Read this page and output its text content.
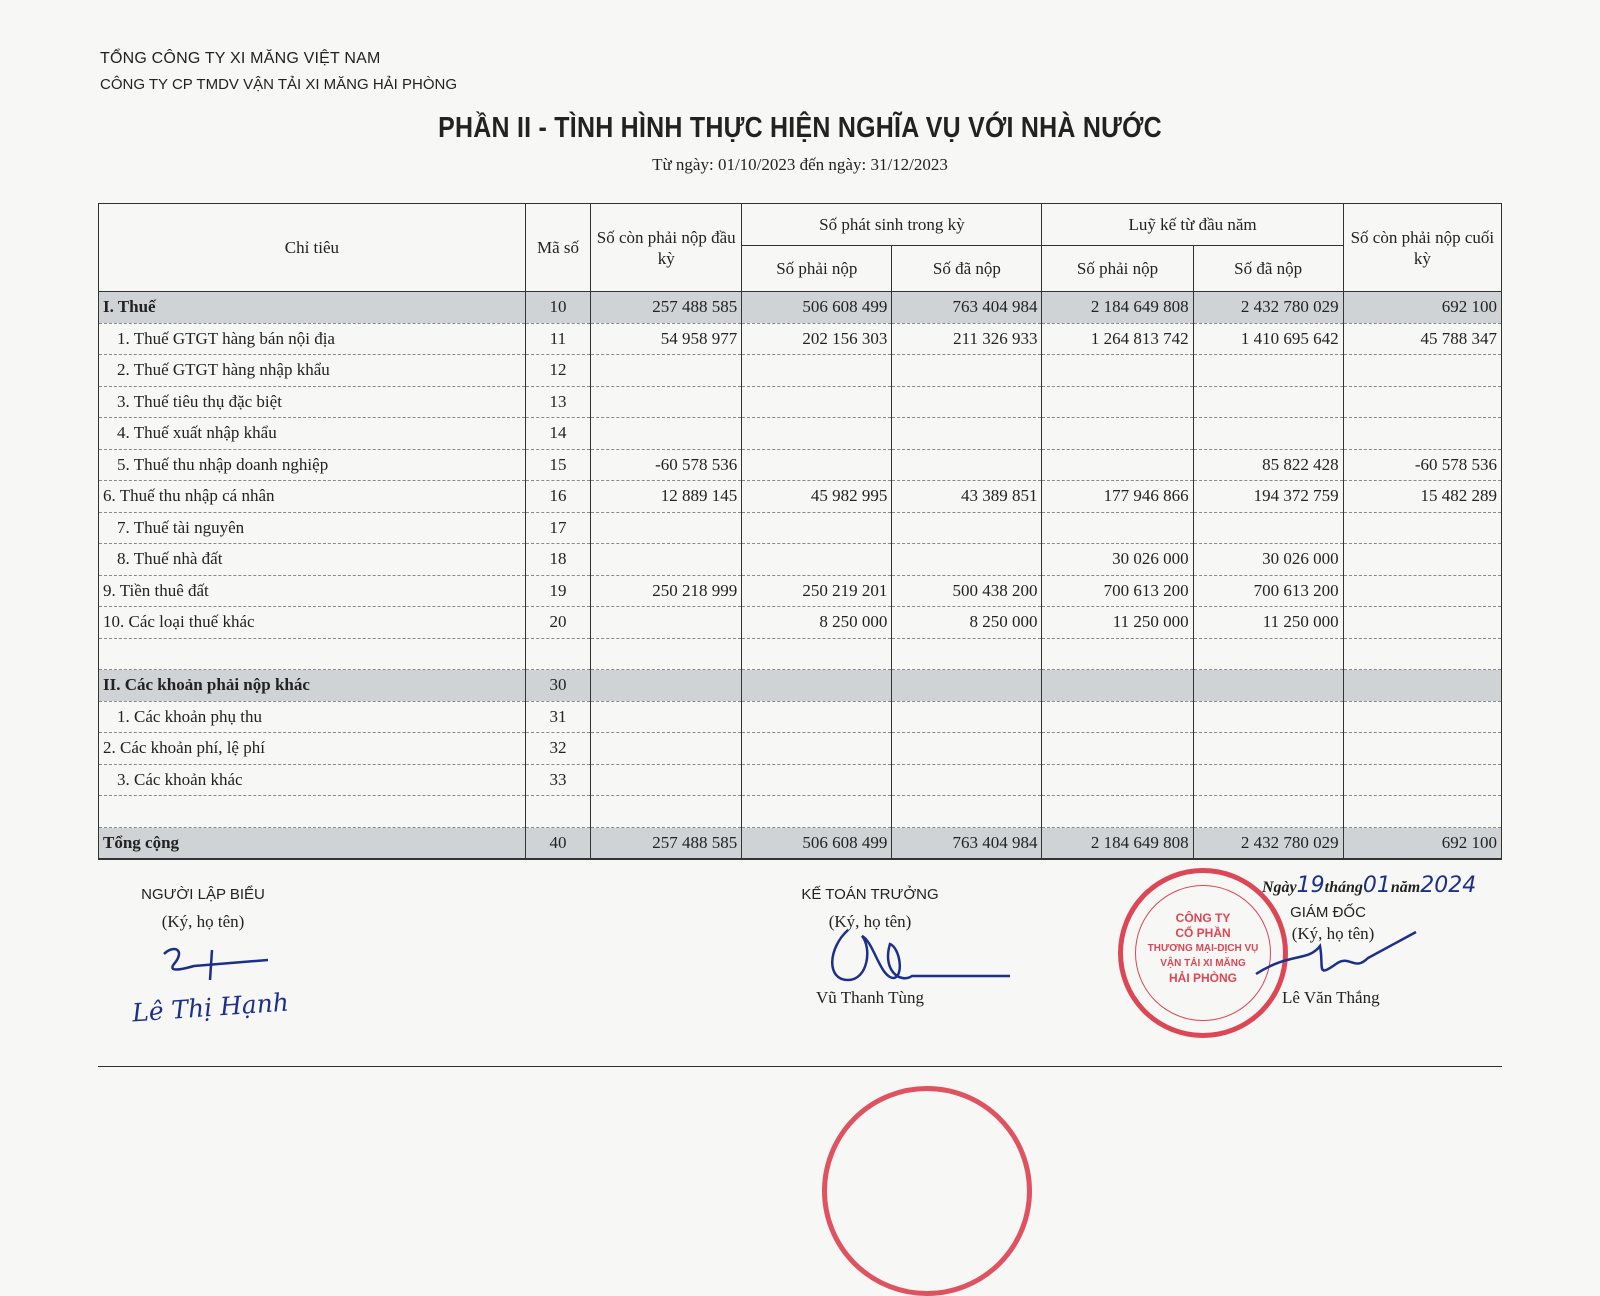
TỔNG CÔNG TY XI MĂNG VIỆT NAM
CÔNG TY CP TMDV VẬN TẢI XI MĂNG HẢI PHÒNG
PHẦN II - TÌNH HÌNH THỰC HIỆN NGHĨA VỤ VỚI NHÀ NƯỚC
Từ ngày: 01/10/2023 đến ngày: 31/12/2023
Chỉ tiêu	Mã số	Số còn phải nộp đầu kỳ	Số phát sinh trong kỳ		Luỹ kế từ đầu năm		Số còn phải nộp cuối kỳ
			Số phải nộp	Số đã nộp	Số phải nộp	Số đã nộp	
I. Thuế	10	257 488 585	506 608 499	763 404 984	2 184 649 808	2 432 780 029	692 100
1. Thuế GTGT hàng bán nội địa	11	54 958 977	202 156 303	211 326 933	1 264 813 742	1 410 695 642	45 788 347
2. Thuế GTGT hàng nhập khẩu	12						
3. Thuế tiêu thụ đặc biệt	13						
4. Thuế xuất nhập khẩu	14						
5. Thuế thu nhập doanh nghiệp	15	-60 578 536				85 822 428	-60 578 536
6. Thuế thu nhập cá nhân	16	12 889 145	45 982 995	43 389 851	177 946 866	194 372 759	15 482 289
7. Thuế tài nguyên	17						
8. Thuế nhà đất	18				30 026 000	30 026 000	
9. Tiền thuê đất	19	250 218 999	250 219 201	500 438 200	700 613 200	700 613 200	
10. Các loại thuế khác	20		8 250 000	8 250 000	11 250 000	11 250 000	

II. Các khoản phải nộp khác	30						
1. Các khoản phụ thu	31						
2. Các khoản phí, lệ phí	32						
3. Các khoản khác	33						

Tổng cộng	40	257 488 585	506 608 499	763 404 984	2 184 649 808	2 432 780 029	692 100
NGƯỜI LẬP BIỂU
(Ký, họ tên)
Lê Thị Hạnh
KẾ TOÁN TRƯỞNG
(Ký, họ tên)
Vũ Thanh Tùng
Ngày19tháng01năm2024
GIÁM ĐỐC
(Ký, họ tên)
CÔNG TY
CỔ PHẦN
THƯƠNG MẠI-DỊCH VỤ
VẬN TẢI XI MĂNG
HẢI PHÒNG
Lê Văn Thắng
